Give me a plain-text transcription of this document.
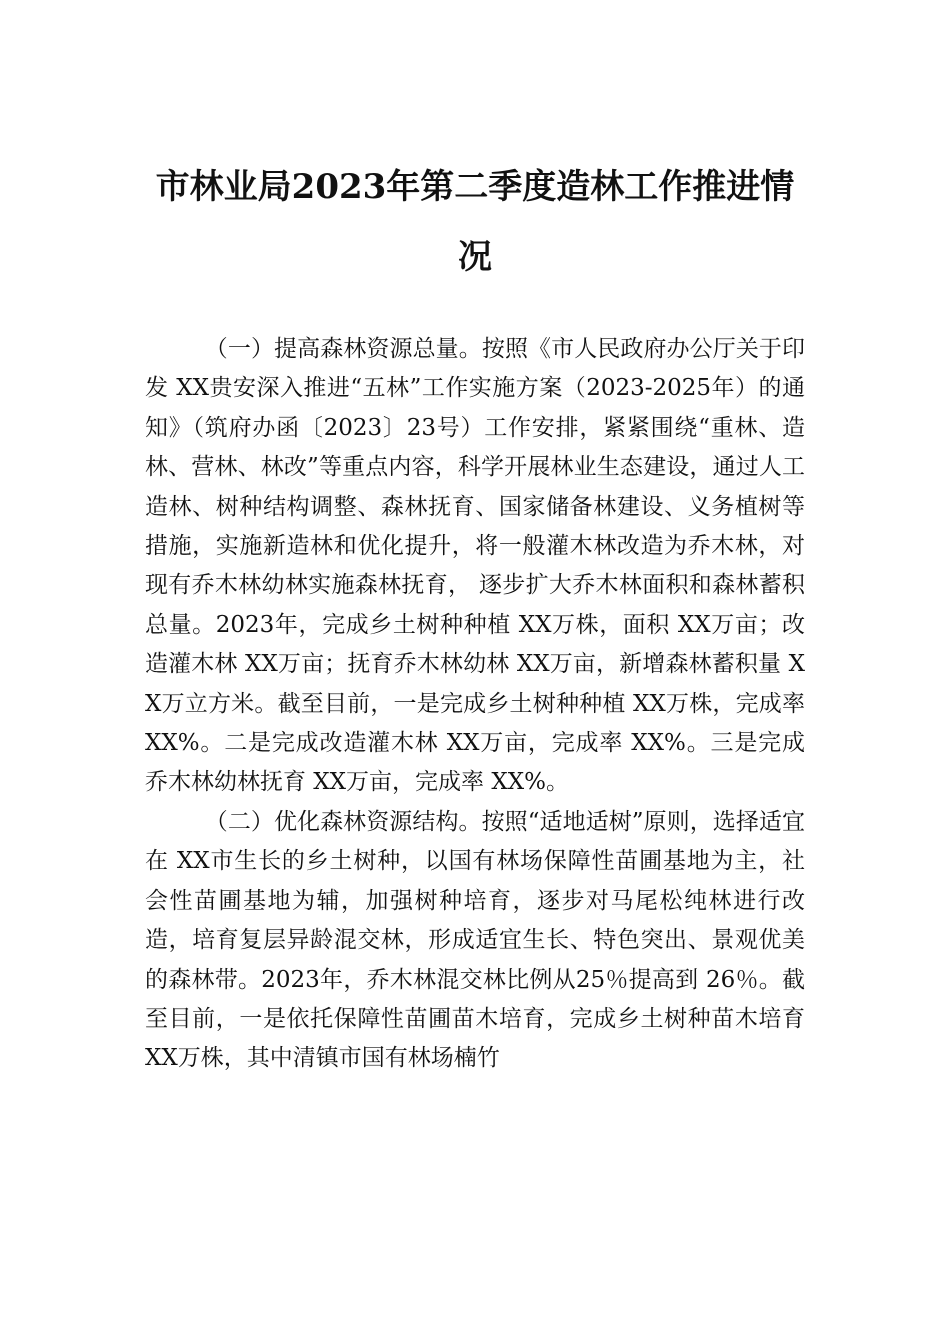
市林业局2023年第二季度造林工作推进情况

（一）提高森林资源总量。按照《市人民政府办公厅关于印发 XX贵安深入推进“五林”工作实施方案（2023-2025年）的通知》（筑府办函〔2023〕23号）工作安排，紧紧围绕“重林、造林、营林、林改”等重点内容，科学开展林业生态建设，通过人工造林、树种结构调整、森林抚育、国家储备林建设、义务植树等措施，实施新造林和优化提升，将一般灌木林改造为乔木林，对现有乔木林幼林实施森林抚育， 逐步扩大乔木林面积和森林蓄积总量。2023年，完成乡土树种种植 XX万株，面积 XX万亩；改造灌木林 XX万亩；抚育乔木林幼林 XX万亩，新增森林蓄积量 XX万立方米。截至目前，一是完成乡土树种种植 XX万株，完成率 XX%。二是完成改造灌木林 XX万亩，完成率 XX%。三是完成乔木林幼林抚育 XX万亩，完成率 XX%。

（二）优化森林资源结构。按照“适地适树”原则，选择适宜在 XX市生长的乡土树种，以国有林场保障性苗圃基地为主，社会性苗圃基地为辅，加强树种培育，逐步对马尾松纯林进行改造，培育复层异龄混交林，形成适宜生长、特色突出、景观优美的森林带。2023年，乔木林混交林比例从25％提高到 26％。截至目前，一是依托保障性苗圃苗木培育，完成乡土树种苗木培育 XX万株，其中清镇市国有林场楠竹
